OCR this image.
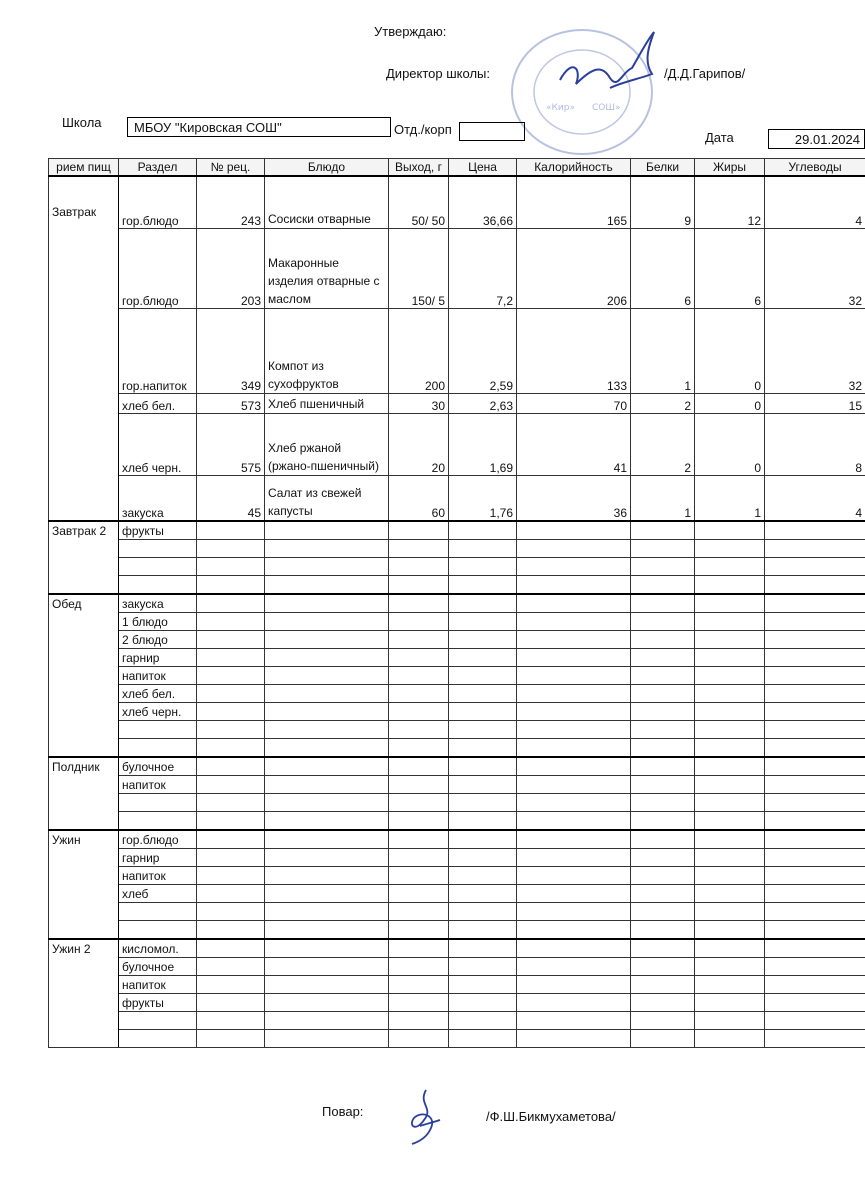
Утверждаю:
Директор школы:	/Д.Д.Гарипов/
«Кир» СОШ»
Школа МБОУ "Кировская СОШ"	Отд./корп
Дата	29.01.2024
рием пищ	Раздел	№ рец.	Блюдо	Выход, г	Цена	Калорийность	Белки	Жиры	Углеводы
Завтрак	гор.блюдо	243	Сосиски отварные	50/ 50	36,66	165	9	12	4
	гор.блюдо	203	Макаронные изделия отварные с маслом	150/ 5	7,2	206	6	6	32
	гор.напиток	349	Компот из сухофруктов	200	2,59	133	1	0	32
	хлеб бел.	573	Хлеб пшеничный	30	2,63	70	2	0	15
	хлеб черн.	575	Хлеб ржаной (ржано-пшеничный)	20	1,69	41	2	0	8
	закуска	45	Салат из свежей капусты	60	1,76	36	1	1	4
Завтрак 2	фрукты								

Обед	закуска								
	1 блюдо								
	2 блюдо								
	гарнир								
	напиток								
	хлеб бел.								
	хлеб черн.								

Полдник	булочное								
	напиток								

Ужин	гор.блюдо								
	гарнир								
	напиток								
	хлеб								

Ужин 2	кисломол.								
	булочное								
	напиток								
	фрукты								

Повар:	/Ф.Ш.Бикмухаметова/
